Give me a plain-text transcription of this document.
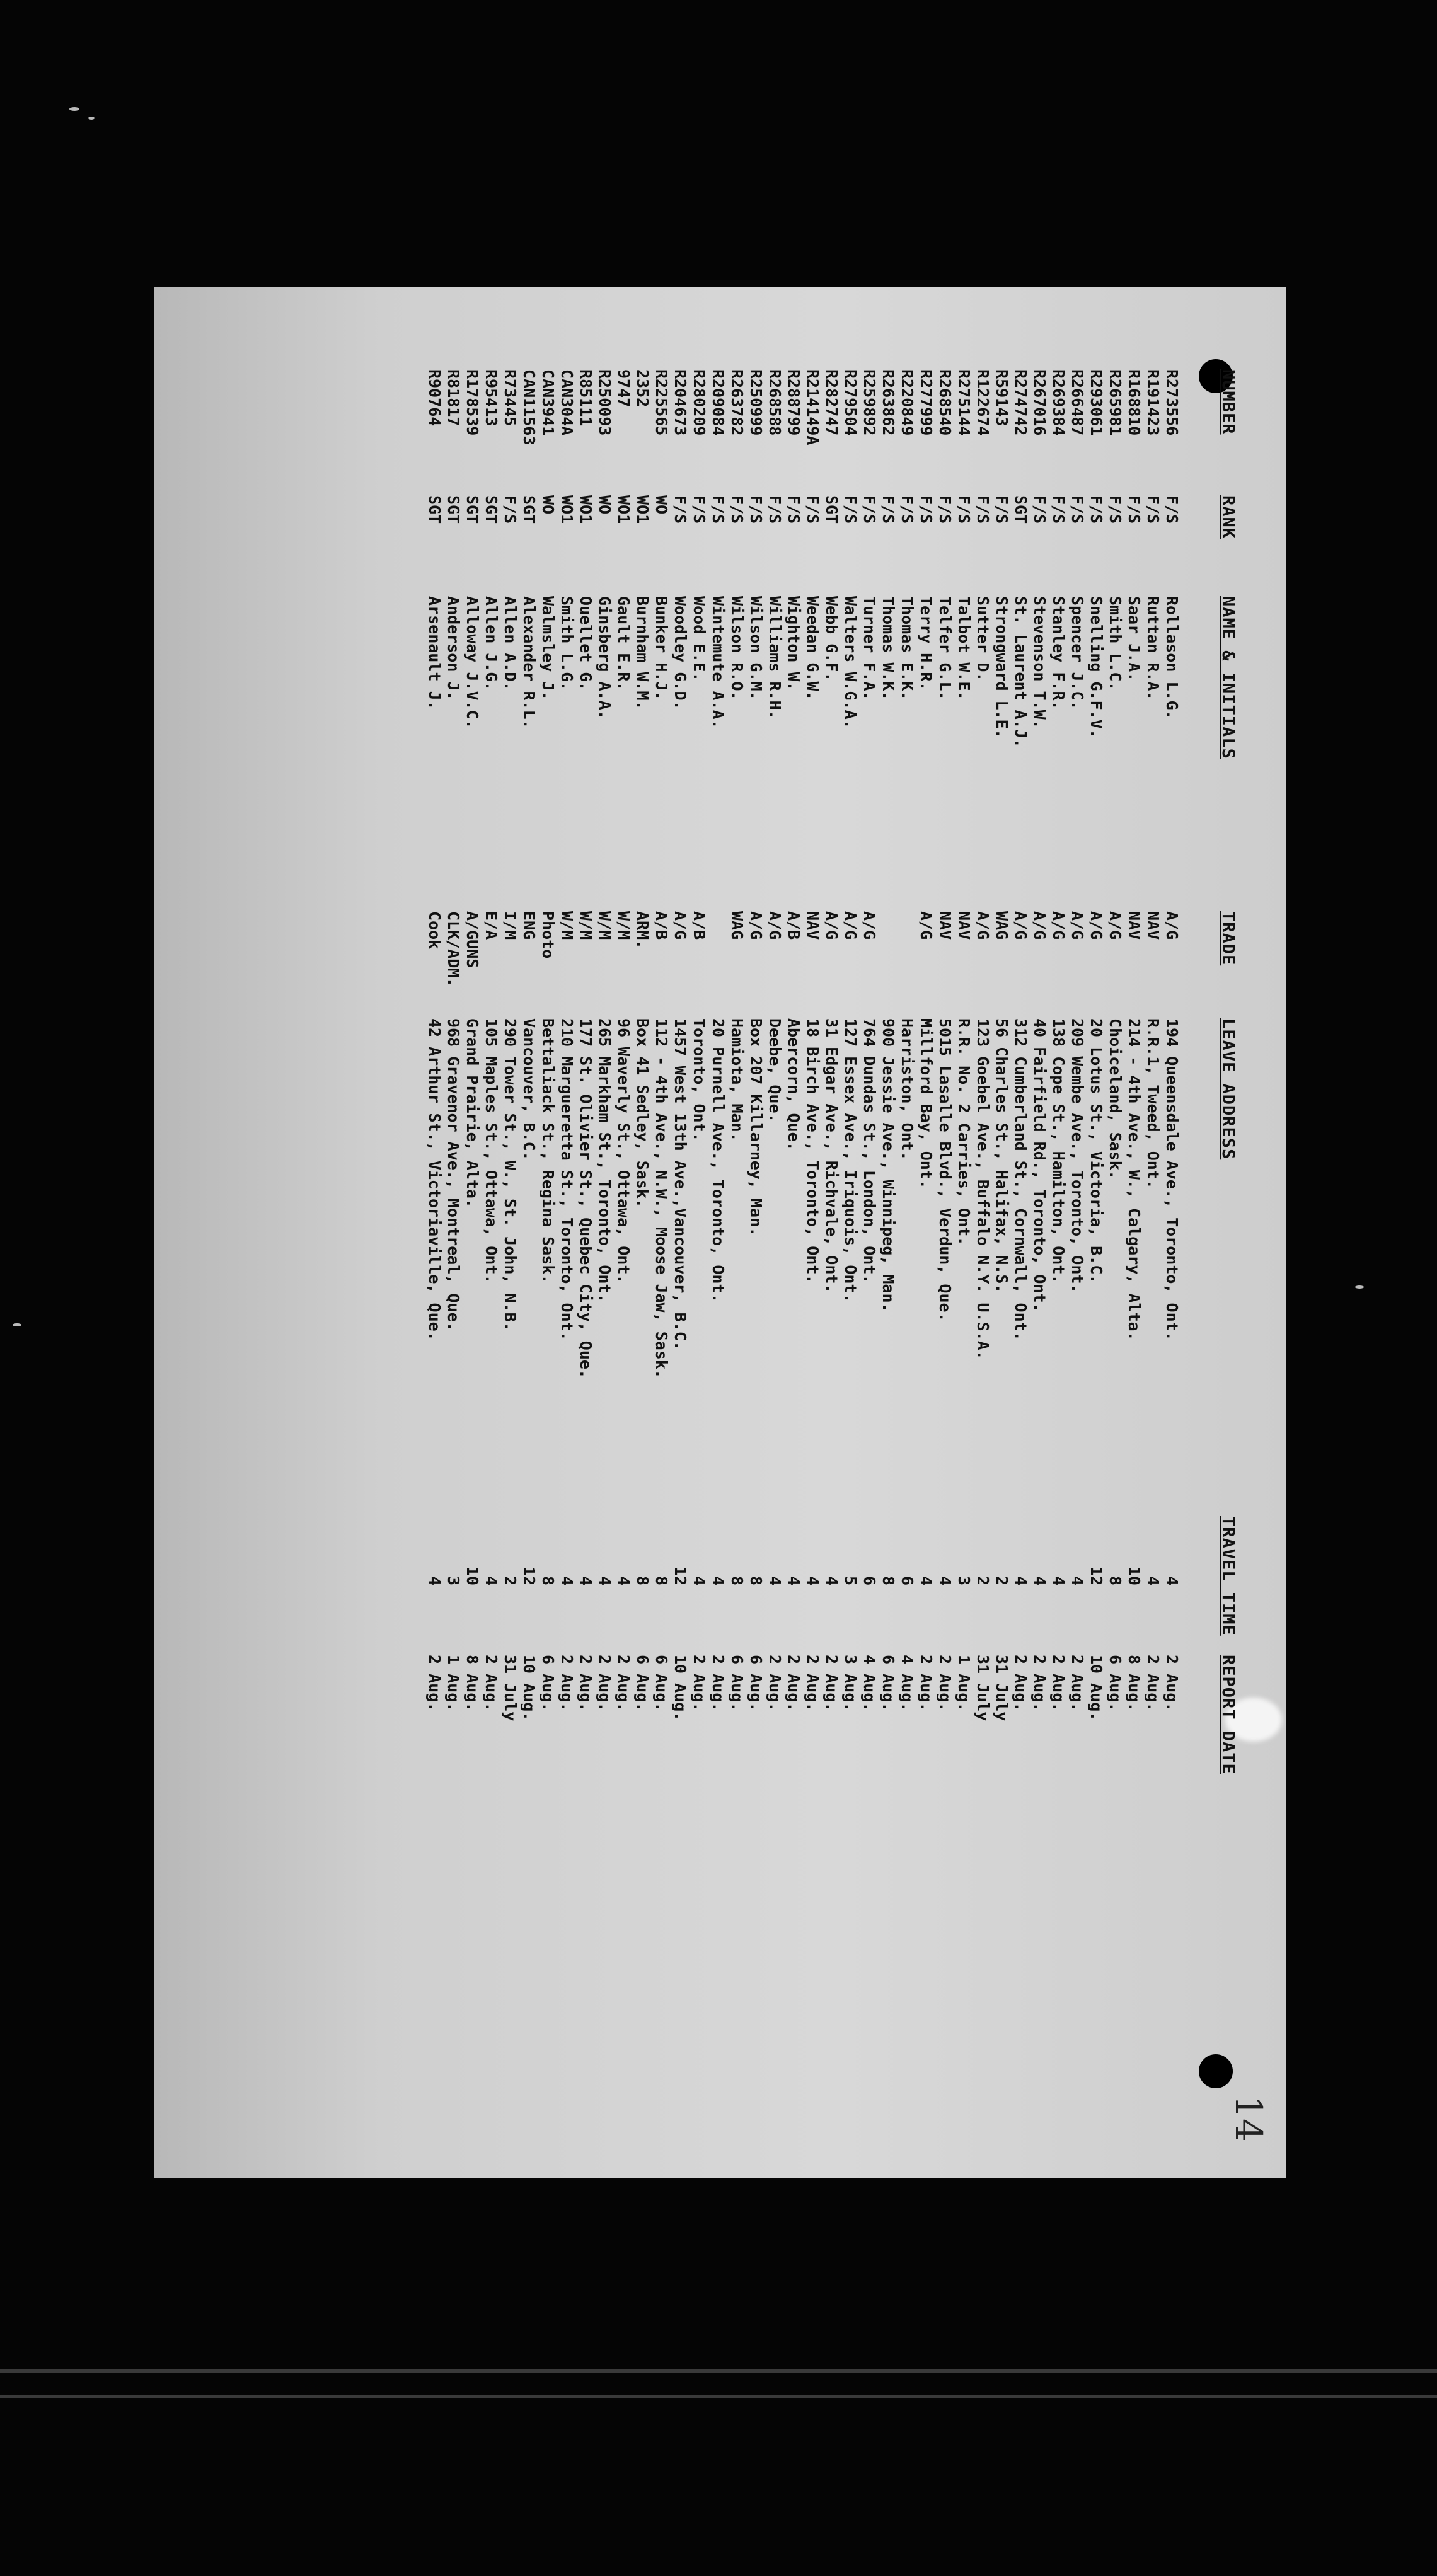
14
NUMBER
RANK
NAME & INITIALS
TRADE
LEAVE ADDRESS
TRAVEL TIME
REPORT DATE
R273556
F/S
Rollason L.G.
A/G
194 Queensdale Ave., Toronto, Ont.
4
2 Aug.
R191423
F/S
Ruttan R.A.
NAV
R.R.1, Tweed, Ont.
4
2 Aug.
R168810
F/S
Saar J.A.
NAV
214 - 4th Ave., W., Calgary, Alta.
10
8 Aug.
R265981
F/S
Smith L.C.
A/G
Choiceland, Sask.
8
6 Aug.
R293061
F/S
Snelling G.F.V.
A/G
20 Lotus St., Victoria, B.C.
12
10 Aug.
R266487
F/S
Spencer J.C.
A/G
209 Wembe Ave., Toronto, Ont.
4
2 Aug.
R269384
F/S
Stanley F.R.
A/G
138 Cope St., Hamilton, Ont.
4
2 Aug.
R267016
F/S
Stevenson T.W.
A/G
40 Fairfield Rd., Toronto, Ont.
4
2 Aug.
R274742
SGT
St. Laurent A.J.
A/G
312 Cumberland St., Cornwall, Ont.
4
2 Aug.
R59143
F/S
Strongward L.E.
WAG
56 Charles St., Halifax, N.S.
2
31 July
R122674
F/S
Sutter D.
A/G
123 Goebel Ave., Buffalo N.Y. U.S.A.
2
31 July
R275144
F/S
Talbot W.E.
NAV
R.R. No. 2 Carries, Ont.
3
1 Aug.
R268540
F/S
Telfer G.L.
NAV
5015 Lasalle Blvd., Verdun, Que.
4
2 Aug.
R277999
F/S
Terry H.R.
A/G
Millford Bay, Ont.
4
2 Aug.
R220849
F/S
Thomas E.K.
Harriston, Ont.
6
4 Aug.
R263862
F/S
Thomas W.K.
900 Jessie Ave., Winnipeg, Man.
8
6 Aug.
R259892
F/S
Turner F.A.
A/G
764 Dundas St., London, Ont.
6
4 Aug.
R279504
F/S
Walters W.G.A.
A/G
127 Essex Ave., Iriquois, Ont.
5
3 Aug.
R282747
SGT
Webb G.F.
A/G
31 Edgar Ave., Richvale, Ont.
4
2 Aug.
R214149A
F/S
Weedan G.W.
NAV
18 Birch Ave., Toronto, Ont.
4
2 Aug.
R288799
F/S
Wighton W.
A/B
Abercorn, Que.
4
2 Aug.
R268588
F/S
Williams R.H.
A/G
Deebe, Que.
4
2 Aug.
R250999
F/S
Wilson G.M.
A/G
Box 207 Killarney, Man.
8
6 Aug.
R263782
F/S
Wilson R.O.
WAG
Hamiota, Man.
8
6 Aug.
R209084
F/S
Wintemute A.A.
20 Purnell Ave., Toronto, Ont.
4
2 Aug.
R280209
F/S
Wood E.E.
A/B
Toronto, Ont.
4
2 Aug.
R204673
F/S
Woodley G.D.
A/G
1457 West 13th Ave.,Vancouver, B.C.
12
10 Aug.
R225565
WO
Bunker H.J.
A/B
112 - 4th Ave., N.W., Moose Jaw, Sask.
8
6 Aug.
2352
WO1
Burnham W.M.
ARM.
Box 41 Sedley, Sask.
8
6 Aug.
9747
WO1
Gault E.R.
W/M
96 Waverly St., Ottawa, Ont.
4
2 Aug.
R250093
WO
Ginsberg A.A.
W/M
265 Markham St., Toronto, Ont.
4
2 Aug.
R85111
WO1
Ouellet G.
W/M
177 St. Olivier St., Quebec City, Que.
4
2 Aug.
CAN304A
WO1
Smith L.G.
W/M
210 Margueretta St., Toronto, Ont.
4
2 Aug.
CAN3941
WO
Walmsley J.
Photo
Bettaliack St., Regina Sask.
8
6 Aug.
CAN11563
SGT
Alexander R.L.
ENG
Vancouver, B.C.
12
10 Aug.
R73445
F/S
Allen A.D.
I/M
290 Tower St., W., St. John, N.B.
2
31 July
R95413
SGT
Allen J.G.
E/A
105 Maples St., Ottawa, Ont.
4
2 Aug.
R178539
SGT
Alloway J.V.C.
A/GUNS
Grand Prairie, Alta.
10
8 Aug.
R81817
SGT
Anderson J.
CLK/ADM.
968 Gravenor Ave., Montreal, Que.
3
1 Aug.
R90764
SGT
Arsenault J.
Cook
42 Arthur St., Victoriaville, Que.
4
2 Aug.
